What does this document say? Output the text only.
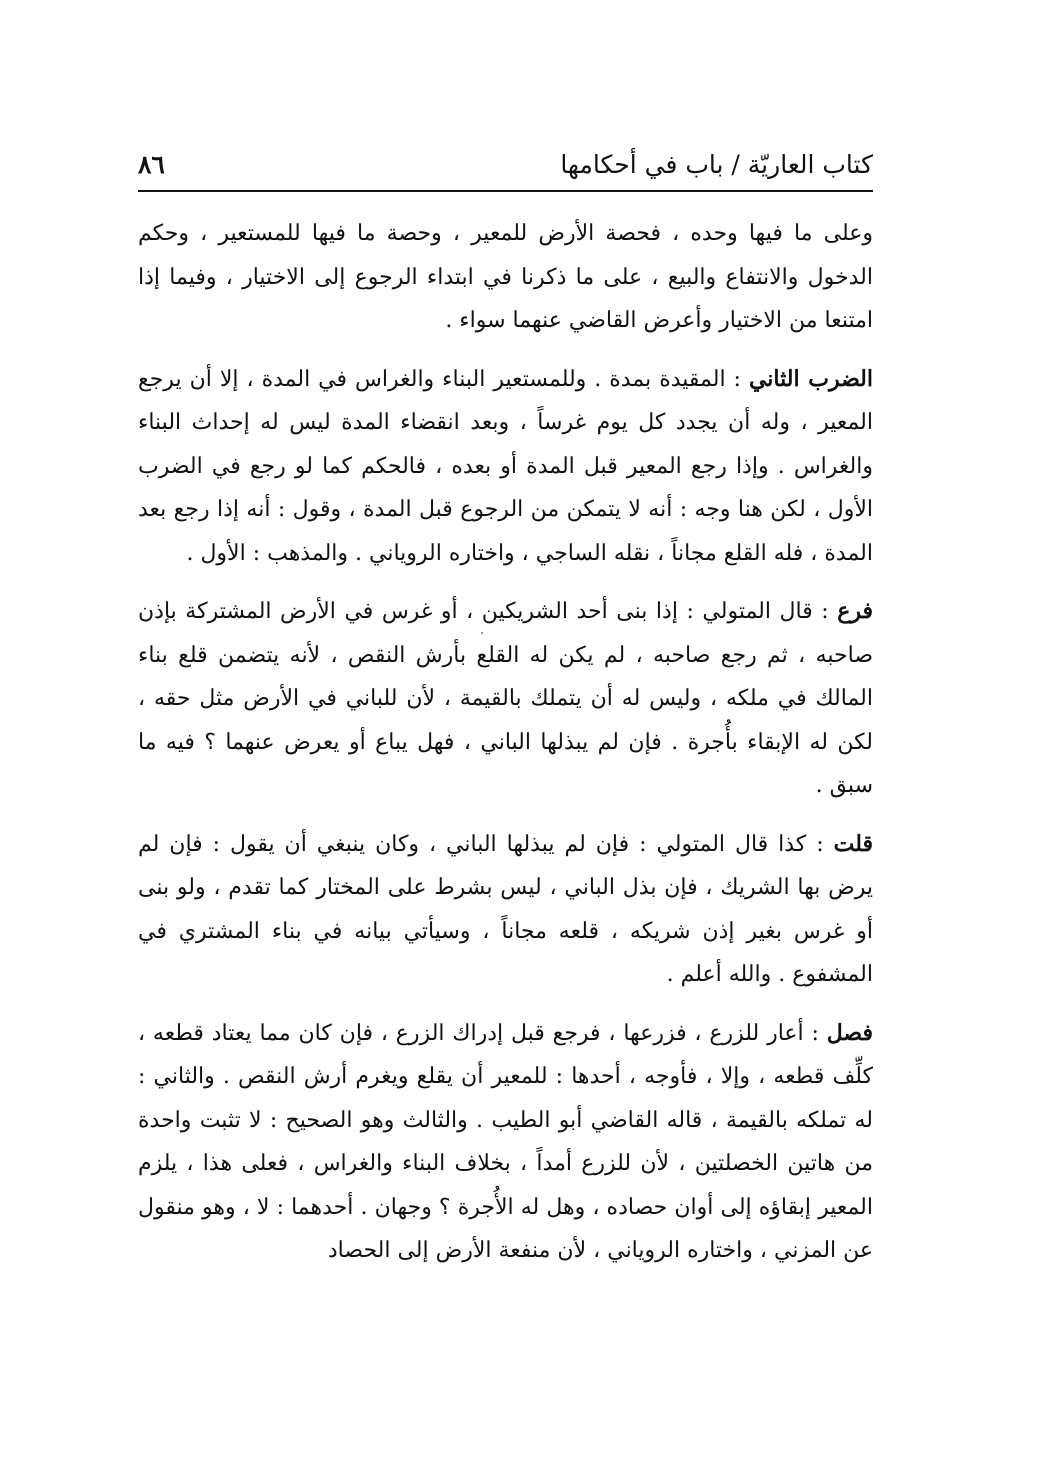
كتاب العاريّة / باب في أحكامها
٨٦

وعلى ما فيها وحده ، فحصة الأرض للمعير ، وحصة ما فيها للمستعير ، وحكم الدخول والانتفاع والبيع ، على ما ذكرنا في ابتداء الرجوع إلى الاختيار ، وفيما إذا امتنعا من الاختيار وأعرض القاضي عنهما سواء .

الضرب الثاني : المقيدة بمدة . وللمستعير البناء والغراس في المدة ، إلا أن يرجع المعير ، وله أن يجدد كل يوم غرساً ، وبعد انقضاء المدة ليس له إحداث البناء والغراس . وإذا رجع المعير قبل المدة أو بعده ، فالحكم كما لو رجع في الضرب الأول ، لكن هنا وجه : أنه لا يتمكن من الرجوع قبل المدة ، وقول : أنه إذا رجع بعد المدة ، فله القلع مجاناً ، نقله الساجي ، واختاره الروياني . والمذهب : الأول .

فرع : قال المتولي : إذا بنى أحد الشريكين ، أو غرس في الأرض المشتركة بإذن صاحبه ، ثم رجع صاحبه ، لم يكن له القلع بأرش النقص ، لأنه يتضمن قلع بناء المالك في ملكه ، وليس له أن يتملك بالقيمة ، لأن للباني في الأرض مثل حقه ، لكن له الإبقاء بأُجرة . فإن لم يبذلها الباني ، فهل يباع أو يعرض عنهما ؟ فيه ما سبق .

قلت : كذا قال المتولي : فإن لم يبذلها الباني ، وكان ينبغي أن يقول : فإن لم يرض بها الشريك ، فإن بذل الباني ، ليس بشرط على المختار كما تقدم ، ولو بنى أو غرس بغير إذن شريكه ، قلعه مجاناً ، وسيأتي بيانه في بناء المشتري في المشفوع . والله أعلم .

فصل : أعار للزرع ، فزرعها ، فرجع قبل إدراك الزرع ، فإن كان مما يعتاد قطعه ، كلِّف قطعه ، وإلا ، فأوجه ، أحدها : للمعير أن يقلع ويغرم أرش النقص . والثاني : له تملكه بالقيمة ، قاله القاضي أبو الطيب . والثالث وهو الصحيح : لا تثبت واحدة من هاتين الخصلتين ، لأن للزرع أمداً ، بخلاف البناء والغراس ، فعلى هذا ، يلزم المعير إبقاؤه إلى أوان حصاده ، وهل له الأُجرة ؟ وجهان . أحدهما : لا ، وهو منقول عن المزني ، واختاره الروياني ، لأن منفعة الأرض إلى الحصاد
